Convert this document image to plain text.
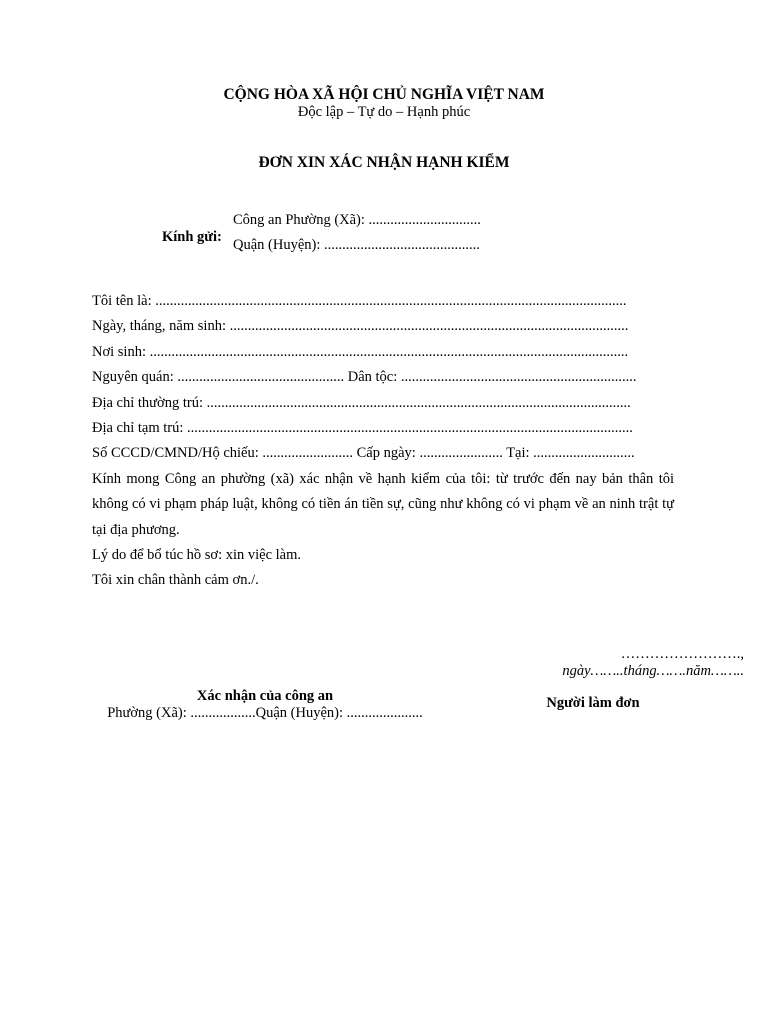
CỘNG HÒA XÃ HỘI CHỦ NGHĨA VIỆT NAM
Độc lập – Tự do – Hạnh phúc
ĐƠN XIN XÁC NHẬN HẠNH KIỂM
Kính gửi:
Công an Phường (Xã): ...............................
Quận (Huyện): ...........................................
Tôi tên là: ..................................................................................................................................
Ngày, tháng, năm sinh: ..............................................................................................................
Nơi sinh: ....................................................................................................................................
Nguyên quán: .............................................. Dân tộc: .................................................................
Địa chỉ thường trú: .....................................................................................................................
Địa chỉ tạm trú: ...........................................................................................................................
Số CCCD/CMND/Hộ chiếu: ......................... Cấp ngày: ....................... Tại: ............................
Kính mong Công an phường (xã) xác nhận về hạnh kiểm của tôi: từ trước đến nay bản thân tôi không có vi phạm pháp luật, không có tiền án tiền sự, cũng như không có vi phạm về an ninh trật tự tại địa phương.
Lý do để bổ túc hồ sơ: xin việc làm.
Tôi xin chân thành cảm ơn./.
…………………….,
ngày……..tháng…….năm……..
Xác nhận của công an
Phường (Xã): ..................Quận (Huyện): .....................
Người làm đơn
